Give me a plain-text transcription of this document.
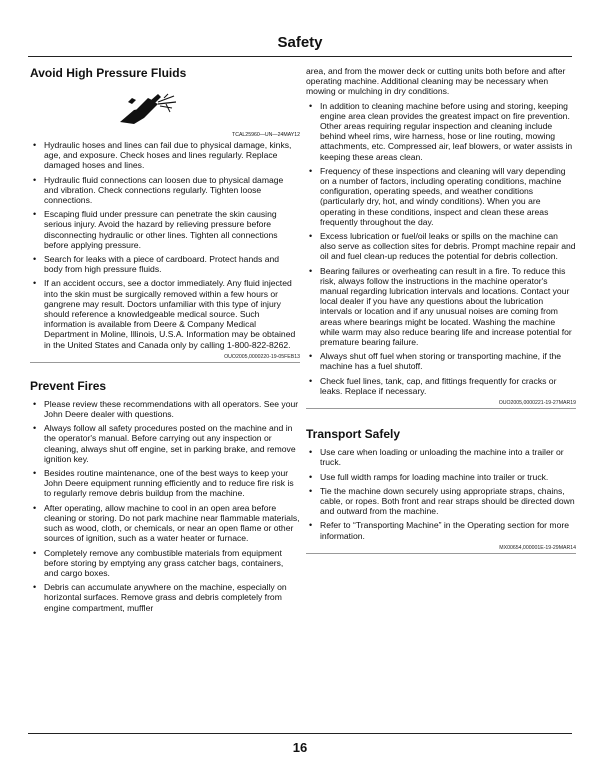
Safety
Avoid High Pressure Fluids
TCAL25960—UN—24MAY12
• Hydraulic hoses and lines can fail due to physical damage, kinks, age, and exposure. Check hoses and lines regularly. Replace damaged hoses and lines.
• Hydraulic fluid connections can loosen due to physical damage and vibration. Check connections regularly. Tighten loose connections.
• Escaping fluid under pressure can penetrate the skin causing serious injury. Avoid the hazard by relieving pressure before disconnecting hydraulic or other lines. Tighten all connections before applying pressure.
• Search for leaks with a piece of cardboard. Protect hands and body from high pressure fluids.
• If an accident occurs, see a doctor immediately. Any fluid injected into the skin must be surgically removed within a few hours or gangrene may result. Doctors unfamiliar with this type of injury should reference a knowledgeable medical source. Such information is available from Deere & Company Medical Department in Moline, Illinois, U.S.A. Information may be obtained in the United States and Canada only by calling 1-800-822-8262.
OUO2005,0000220-19-05FEB13
Prevent Fires
• Please review these recommendations with all operators. See your John Deere dealer with questions.
• Always follow all safety procedures posted on the machine and in the operator's manual. Before carrying out any inspection or cleaning, always shut off engine, set in parking brake, and remove ignition key.
• Besides routine maintenance, one of the best ways to keep your John Deere equipment running efficiently and to reduce fire risk is to regularly remove debris buildup from the machine.
• After operating, allow machine to cool in an open area before cleaning or storing. Do not park machine near flammable materials, such as wood, cloth, or chemicals, or near an open flame or other sources of ignition, such as a water heater or furnace.
• Completely remove any combustible materials from equipment before storing by emptying any grass catcher bags, containers, and cargo boxes.
• Debris can accumulate anywhere on the machine, especially on horizontal surfaces. Remove grass and debris completely from engine compartment, muffler

area, and from the mower deck or cutting units both before and after operating machine. Additional cleaning may be necessary when mowing or mulching in dry conditions.

• In addition to cleaning machine before using and storing, keeping engine area clean provides the greatest impact on fire prevention. Other areas requiring regular inspection and cleaning include behind wheel rims, wire harness, hose or line routing, mowing attachments, etc. Compressed air, leaf blowers, or water assists in keeping these areas clean.
• Frequency of these inspections and cleaning will vary depending on a number of factors, including operating conditions, machine configuration, operating speeds, and weather conditions (particularly dry, hot, and windy conditions). When you are operating in these conditions, inspect and clean these areas frequently throughout the day.
• Excess lubrication or fuel/oil leaks or spills on the machine can also serve as collection sites for debris. Prompt machine repair and oil and fuel clean-up reduces the potential for debris collection.
• Bearing failures or overheating can result in a fire. To reduce this risk, always follow the instructions in the machine operator's manual regarding lubrication intervals and locations. Contact your local dealer if you have any questions about the lubrication intervals or location and if any unusual noises are coming from areas where bearings might be located. Washing the machine while warm may also reduce bearing life and increase potential for premature bearing failure.
• Always shut off fuel when storing or transporting machine, if the machine has a fuel shutoff.
• Check fuel lines, tank, cap, and fittings frequently for cracks or leaks. Replace if necessary.
OUO2005,0000221-19-27MAR19
Transport Safely
• Use care when loading or unloading the machine into a trailer or truck.
• Use full width ramps for loading machine into trailer or truck.
• Tie the machine down securely using appropriate straps, chains, cable, or ropes. Both front and rear straps should be directed down and outward from the machine.
• Refer to “Transporting Machine” in the Operating section for more information.
MX00654,000001E-19-29MAR14
16
